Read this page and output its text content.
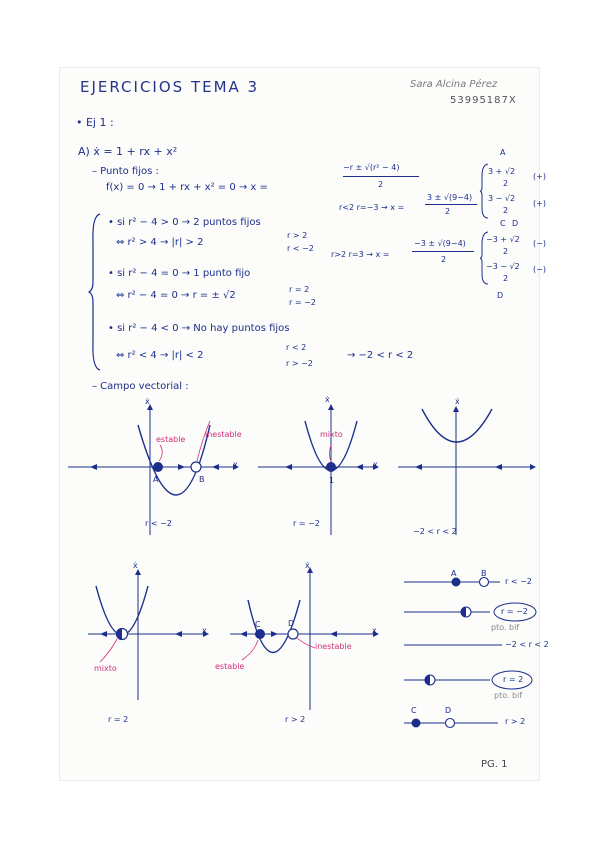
EJERCICIOS TEMA 3	Sara Alcina Pérez
53995187X
• Ej 1 :
A) ẋ = 1 + rx + x²
– Punto fijos :
f(x) = 0 → 1 + rx + x² = 0 → x =
−r ± √(r² − 4)
2
• si r² − 4 > 0 → 2 puntos fijos
⇔ r² > 4 → |r| > 2
r > 2
r < −2
• si r² − 4 = 0 → 1 punto fijo
⇔ r² − 4 = 0 → r = ± √2
r = 2
r = −2
• si r² − 4 < 0 → No hay puntos fijos
⇔ r² < 4 → |r| < 2
r < 2
r > −2
→ −2 < r < 2
A
r<2 r=−3 → x =
3 ± √(9−4)
2
3 + √2
2
(+)
3 − √2
2
(+)
C D
r>2 r=3 → x =
−3 ± √(9−4)
2
−3 + √2
2
(−)
−3 − √2
2
(−)
D
– Campo vectorial :
x
ẋ
estable
inestable
A	B
r < −2
x
ẋ
mixto
1
r = −2
ẋ
−2 < r < 2
x
ẋ
mixto
r = 2
x
ẋ
C	D
estable
inestable
r > 2
A	B
r < −2
r = −2
pto. bif
−2 < r < 2
r = 2
pto. bif
C	D
r > 2
PG. 1
